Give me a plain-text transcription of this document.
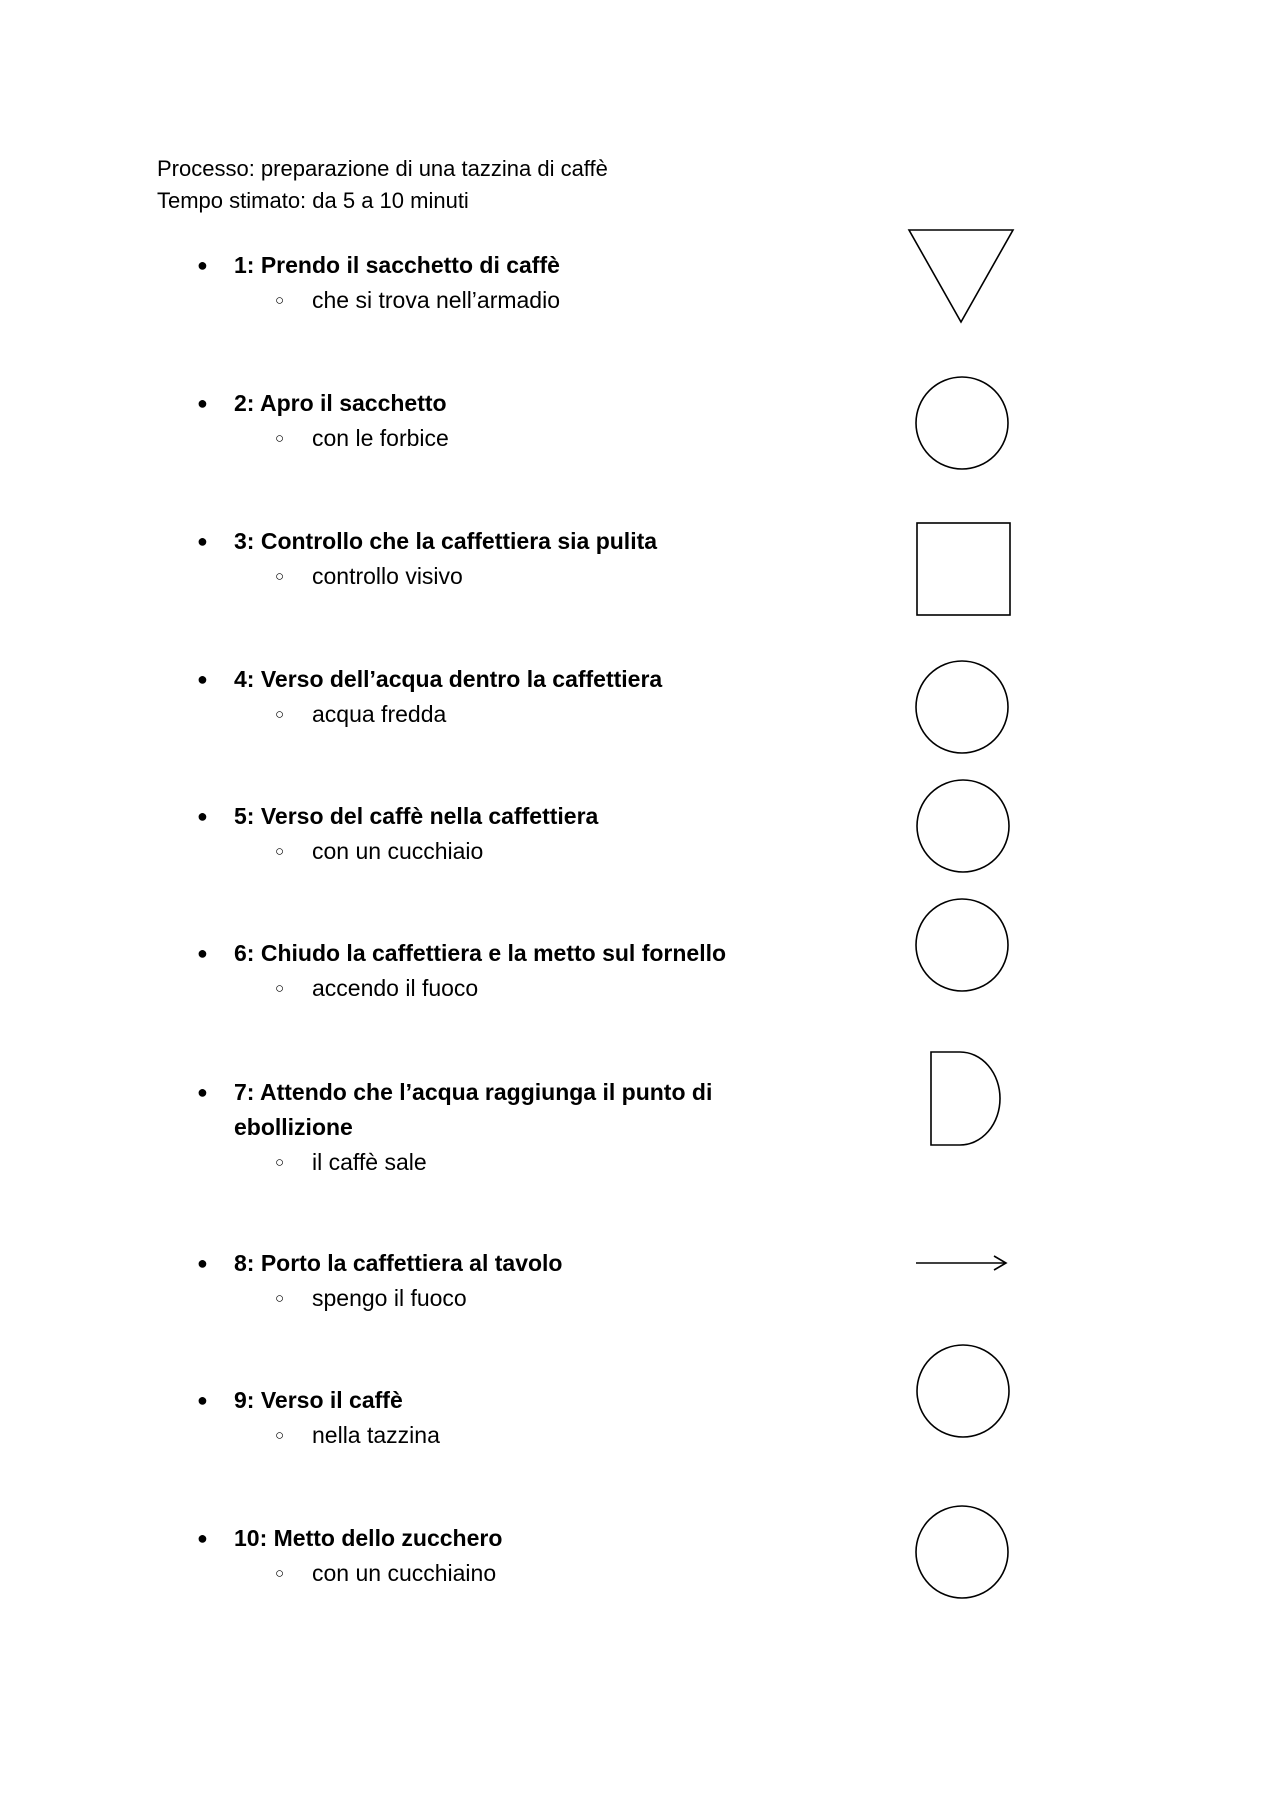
Processo: preparazione di una tazzina di caffè
Tempo stimato: da 5 a 10 minuti
● 1: Prendo il sacchetto di caffè
○ che si trova nell’armadio
● 2: Apro il sacchetto
○ con le forbice
● 3: Controllo che la caffettiera sia pulita
○ controllo visivo
● 4: Verso dell’acqua dentro la caffettiera
○ acqua fredda
● 5: Verso del caffè nella caffettiera
○ con un cucchiaio
● 6: Chiudo la caffettiera e la metto sul fornello
○ accendo il fuoco
● 7: Attendo che l’acqua raggiunga il punto di ebollizione
○ il caffè sale
● 8: Porto la caffettiera al tavolo
○ spengo il fuoco
● 9: Verso il caffè
○ nella tazzina
● 10: Metto dello zucchero
○ con un cucchiaino
